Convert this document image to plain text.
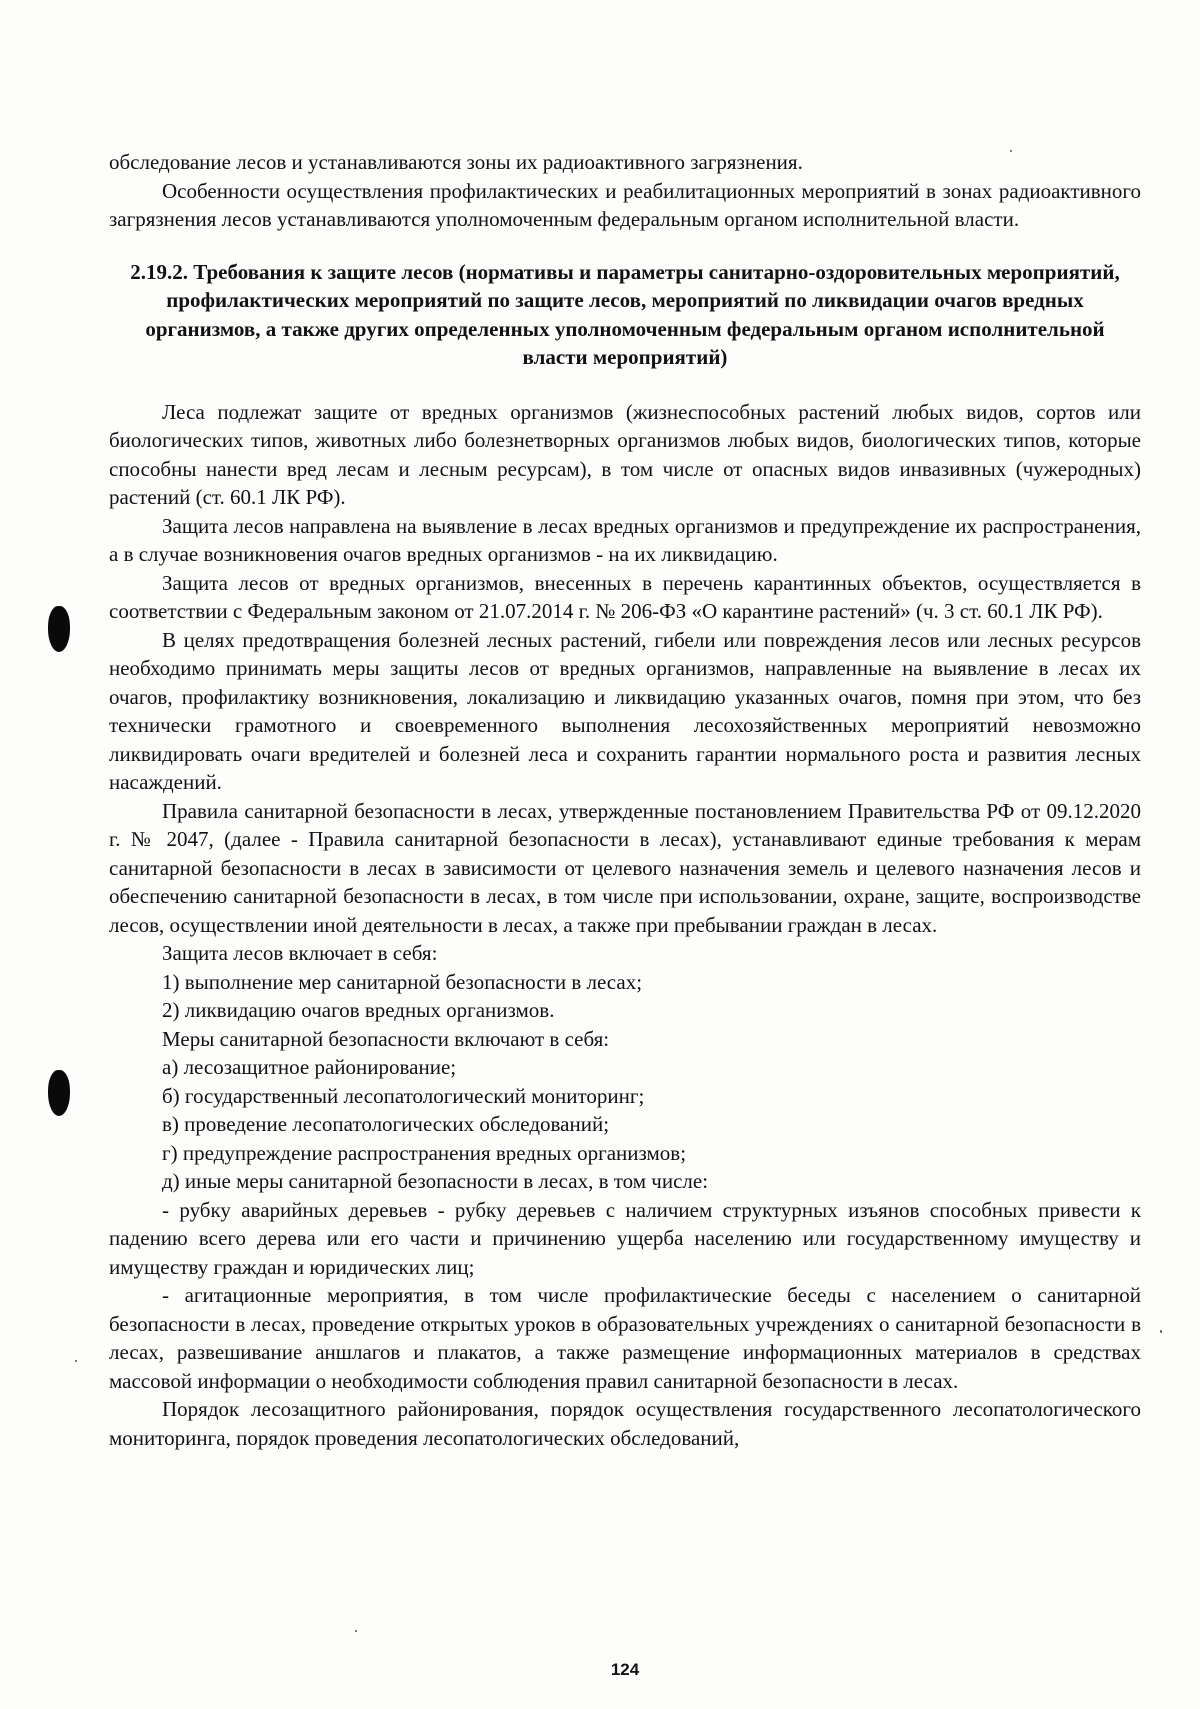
обследование лесов и устанавливаются зоны их радиоактивного загрязнения.

Особенности осуществления профилактических и реабилитационных мероприятий в зонах радиоактивного загрязнения лесов устанавливаются уполномоченным федеральным органом исполнительной власти.

2.19.2. Требования к защите лесов (нормативы и параметры санитарно-оздоровительных мероприятий, профилактических мероприятий по защите лесов, мероприятий по ликвидации очагов вредных организмов, а также других определенных уполномоченным федеральным органом исполнительной власти мероприятий)

Леса подлежат защите от вредных организмов (жизнеспособных растений любых видов, сортов или биологических типов, животных либо болезнетворных организмов любых видов, биологических типов, которые способны нанести вред лесам и лесным ресурсам), в том числе от опасных видов инвазивных (чужеродных) растений (ст. 60.1 ЛК РФ).

Защита лесов направлена на выявление в лесах вредных организмов и предупреждение их распространения, а в случае возникновения очагов вредных организмов - на их ликвидацию.

Защита лесов от вредных организмов, внесенных в перечень карантинных объектов, осуществляется в соответствии с Федеральным законом от 21.07.2014 г. № 206-ФЗ «О карантине растений» (ч. 3 ст. 60.1 ЛК РФ).

В целях предотвращения болезней лесных растений, гибели или повреждения лесов или лесных ресурсов необходимо принимать меры защиты лесов от вредных организмов, направленные на выявление в лесах их очагов, профилактику возникновения, локализацию и ликвидацию указанных очагов, помня при этом, что без технически грамотного и своевременного выполнения лесохозяйственных мероприятий невозможно ликвидировать очаги вредителей и болезней леса и сохранить гарантии нормального роста и развития лесных насаждений.

Правила санитарной безопасности в лесах, утвержденные постановлением Правительства РФ от 09.12.2020 г. № 2047, (далее - Правила санитарной безопасности в лесах), устанавливают единые требования к мерам санитарной безопасности в лесах в зависимости от целевого назначения земель и целевого назначения лесов и обеспечению санитарной безопасности в лесах, в том числе при использовании, охране, защите, воспроизводстве лесов, осуществлении иной деятельности в лесах, а также при пребывании граждан в лесах.

Защита лесов включает в себя:

1) выполнение мер санитарной безопасности в лесах;

2) ликвидацию очагов вредных организмов.

Меры санитарной безопасности включают в себя:

а) лесозащитное районирование;

б) государственный лесопатологический мониторинг;

в) проведение лесопатологических обследований;

г) предупреждение распространения вредных организмов;

д) иные меры санитарной безопасности в лесах, в том числе:

- рубку аварийных деревьев - рубку деревьев с наличием структурных изъянов способных привести к падению всего дерева или его части и причинению ущерба населению или государственному имуществу и имуществу граждан и юридических лиц;

- агитационные мероприятия, в том числе профилактические беседы с населением о санитарной безопасности в лесах, проведение открытых уроков в образовательных учреждениях о санитарной безопасности в лесах, развешивание аншлагов и плакатов, а также размещение информационных материалов в средствах массовой информации о необходимости соблюдения правил санитарной безопасности в лесах.

Порядок лесозащитного районирования, порядок осуществления государственного лесопатологического мониторинга, порядок проведения лесопатологических обследований,

124
